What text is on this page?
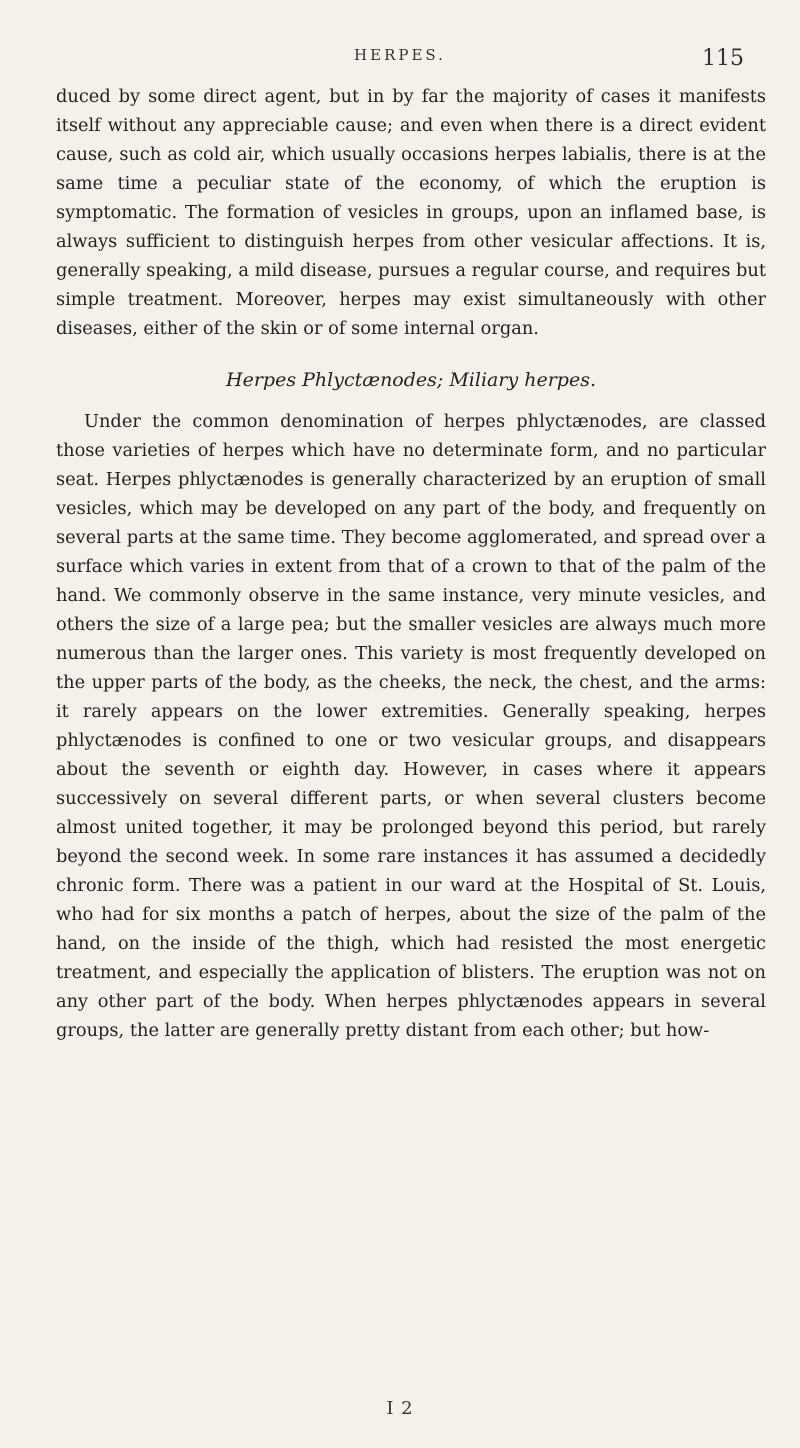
HERPES.	115

duced by some direct agent, but in by far the majority of cases it manifests itself without any appreciable cause; and even when there is a direct evident cause, such as cold air, which usually occasions herpes labialis, there is at the same time a peculiar state of the economy, of which the eruption is symptomatic. The formation of vesicles in groups, upon an inflamed base, is always sufficient to distinguish herpes from other vesicular affections. It is, generally speaking, a mild disease, pursues a regular course, and requires but simple treatment. Moreover, herpes may exist simultaneously with other diseases, either of the skin or of some internal organ.

Herpes Phlyctænodes; Miliary herpes.

Under the common denomination of herpes phlyctænodes, are classed those varieties of herpes which have no determinate form, and no particular seat. Herpes phlyctænodes is generally characterized by an eruption of small vesicles, which may be developed on any part of the body, and frequently on several parts at the same time. They become agglomerated, and spread over a surface which varies in extent from that of a crown to that of the palm of the hand. We commonly observe in the same instance, very minute vesicles, and others the size of a large pea; but the smaller vesicles are always much more numerous than the larger ones. This variety is most frequently developed on the upper parts of the body, as the cheeks, the neck, the chest, and the arms: it rarely appears on the lower extremities. Generally speaking, herpes phlyctænodes is confined to one or two vesicular groups, and disappears about the seventh or eighth day. However, in cases where it appears successively on several different parts, or when several clusters become almost united together, it may be prolonged beyond this period, but rarely beyond the second week. In some rare instances it has assumed a decidedly chronic form. There was a patient in our ward at the Hospital of St. Louis, who had for six months a patch of herpes, about the size of the palm of the hand, on the inside of the thigh, which had resisted the most energetic treatment, and especially the application of blisters. The eruption was not on any other part of the body. When herpes phlyctænodes appears in several groups, the latter are generally pretty distant from each other; but how-

I 2
